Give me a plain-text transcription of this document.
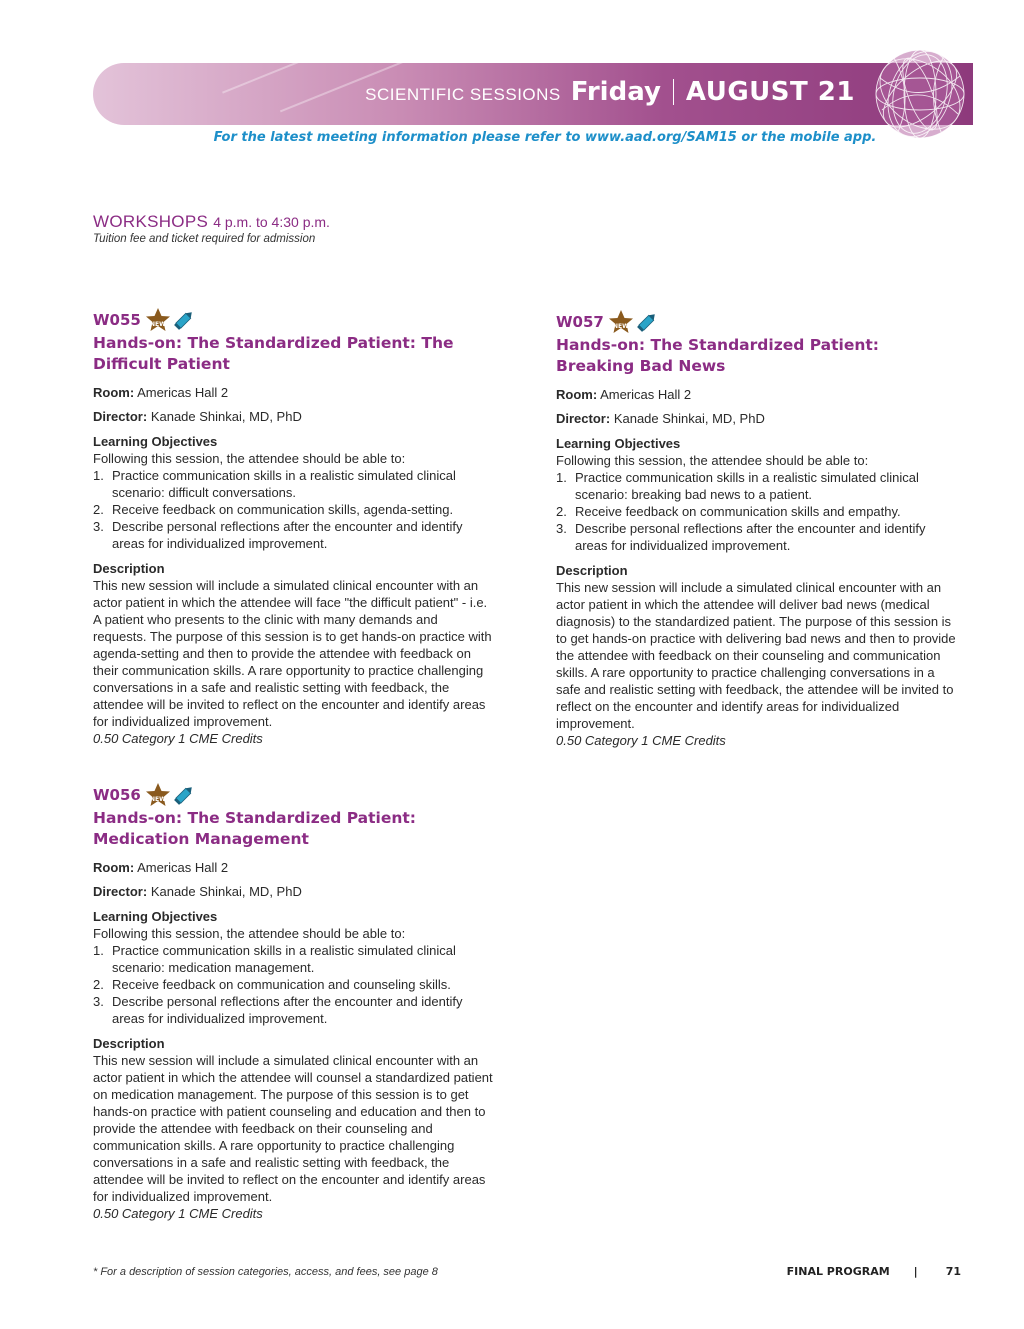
SCIENTIFIC SESSIONS Friday AUGUST 21
For the latest meeting information please refer to www.aad.org/SAM15 or the mobile app.
WORKSHOPS 4 p.m. to 4:30 p.m.
Tuition fee and ticket required for admission
W055	NEW
Hands-on: The Standardized Patient: The Difficult Patient
Room: Americas Hall 2
Director: Kanade Shinkai, MD, PhD
Learning Objectives
Following this session, the attendee should be able to:
1. Practice communication skills in a realistic simulated clinical scenario: difficult conversations.
2. Receive feedback on communication skills, agenda-setting.
3. Describe personal reflections after the encounter and identify areas for individualized improvement.
Description
This new session will include a simulated clinical encounter with an actor patient in which the attendee will face "the difficult patient" - i.e. A patient who presents to the clinic with many demands and requests. The purpose of this session is to get hands-on practice with agenda-setting and then to provide the attendee with feedback on their communication skills. A rare opportunity to practice challenging conversations in a safe and realistic setting with feedback, the attendee will be invited to reflect on the encounter and identify areas for individualized improvement.
0.50 Category 1 CME Credits
W056	NEW
Hands-on: The Standardized Patient: Medication Management
Room: Americas Hall 2
Director: Kanade Shinkai, MD, PhD
Learning Objectives
Following this session, the attendee should be able to:
1. Practice communication skills in a realistic simulated clinical scenario: medication management.
2. Receive feedback on communication and counseling skills.
3. Describe personal reflections after the encounter and identify areas for individualized improvement.
Description
This new session will include a simulated clinical encounter with an actor patient in which the attendee will counsel a standardized patient on medication management. The purpose of this session is to get hands-on practice with patient counseling and education and then to provide the attendee with feedback on their counseling and communication skills. A rare opportunity to practice challenging conversations in a safe and realistic setting with feedback, the attendee will be invited to reflect on the encounter and identify areas for individualized improvement.
0.50 Category 1 CME Credits
W057	NEW
Hands-on: The Standardized Patient: Breaking Bad News
Room: Americas Hall 2
Director: Kanade Shinkai, MD, PhD
Learning Objectives
Following this session, the attendee should be able to:
1. Practice communication skills in a realistic simulated clinical scenario: breaking bad news to a patient.
2. Receive feedback on communication skills and empathy.
3. Describe personal reflections after the encounter and identify areas for individualized improvement.
Description
This new session will include a simulated clinical encounter with an actor patient in which the attendee will deliver bad news (medical diagnosis) to the standardized patient. The purpose of this session is to get hands-on practice with delivering bad news and then to provide the attendee with feedback on their counseling and communication skills. A rare opportunity to practice challenging conversations in a safe and realistic setting with feedback, the attendee will be invited to reflect on the encounter and identify areas for individualized improvement.
0.50 Category 1 CME Credits
* For a description of session categories, access, and fees, see page 8	FINAL PROGRAM |	71
